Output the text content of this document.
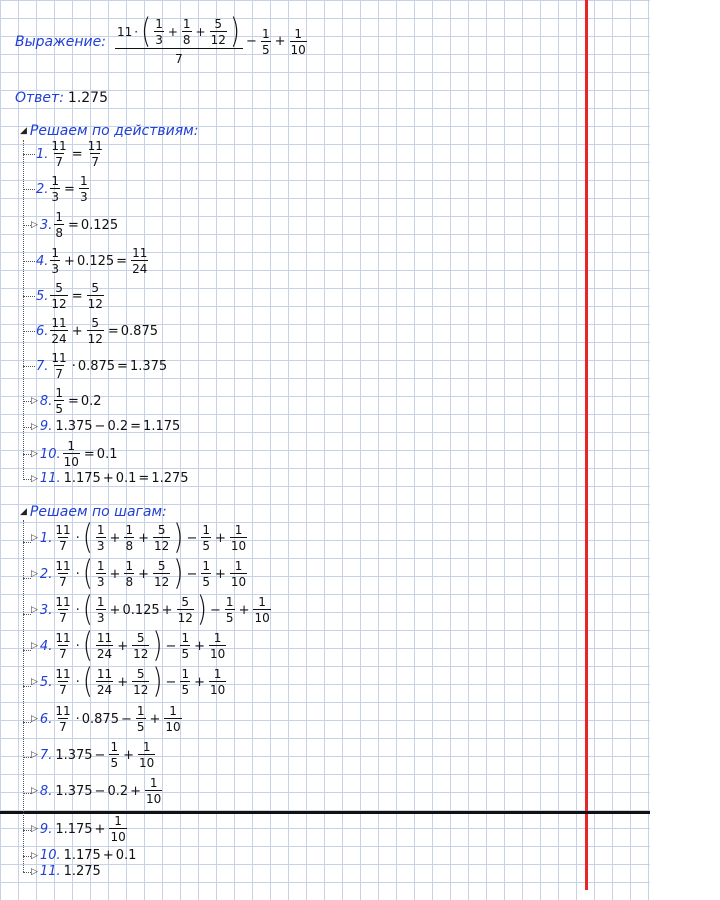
Выражение:
11 · ( $\frac{1}{3} + \frac{1}{8} + \frac{5}{12}$ )
7
− $\frac{1}{5} + \frac{1}{10}$
Ответ: 1.275
◢ Решаем по действиям:
1. $\frac{11}{7} = \frac{11}{7}$
2. $\frac{1}{3} = \frac{1}{3}$
▷ 3. $\frac{1}{8} = 0.125$
4. $\frac{1}{3} + 0.125 = \frac{11}{24}$
5. $\frac{5}{12} = \frac{5}{12}$
6. $\frac{11}{24} + \frac{5}{12} = 0.875$
7. $\frac{11}{7} \cdot 0.875 = 1.375$
▷ 8. $\frac{1}{5} = 0.2$
▷ 9. 1.375 − 0.2 = 1.175
▷ 10. $\frac{1}{10} = 0.1$
▷ 11. 1.175 + 0.1 = 1.275
◢ Решаем по шагам:
▷ 1. $\frac{11}{7}$ · ( $\frac{1}{3} + \frac{1}{8} + \frac{5}{12}$ ) − $\frac{1}{5} + \frac{1}{10}$
▷ 2. $\frac{11}{7}$ · ( $\frac{1}{3} + \frac{1}{8} + \frac{5}{12}$ ) − $\frac{1}{5} + \frac{1}{10}$
▷ 3. $\frac{11}{7}$ · ( $\frac{1}{3} + 0.125 + \frac{5}{12}$ ) − $\frac{1}{5} + \frac{1}{10}$
▷ 4. $\frac{11}{7}$ · ( $\frac{11}{24} + \frac{5}{12}$ ) − $\frac{1}{5} + \frac{1}{10}$
▷ 5. $\frac{11}{7}$ · ( $\frac{11}{24} + \frac{5}{12}$ ) − $\frac{1}{5} + \frac{1}{10}$
▷ 6. $\frac{11}{7} \cdot 0.875 - \frac{1}{5} + \frac{1}{10}$
▷ 7. $1.375 - \frac{1}{5} + \frac{1}{10}$
▷ 8. $1.375 - 0.2 + \frac{1}{10}$
▷ 9. $1.175 + \frac{1}{10}$
▷ 10. 1.175 + 0.1
▷ 11. 1.275
